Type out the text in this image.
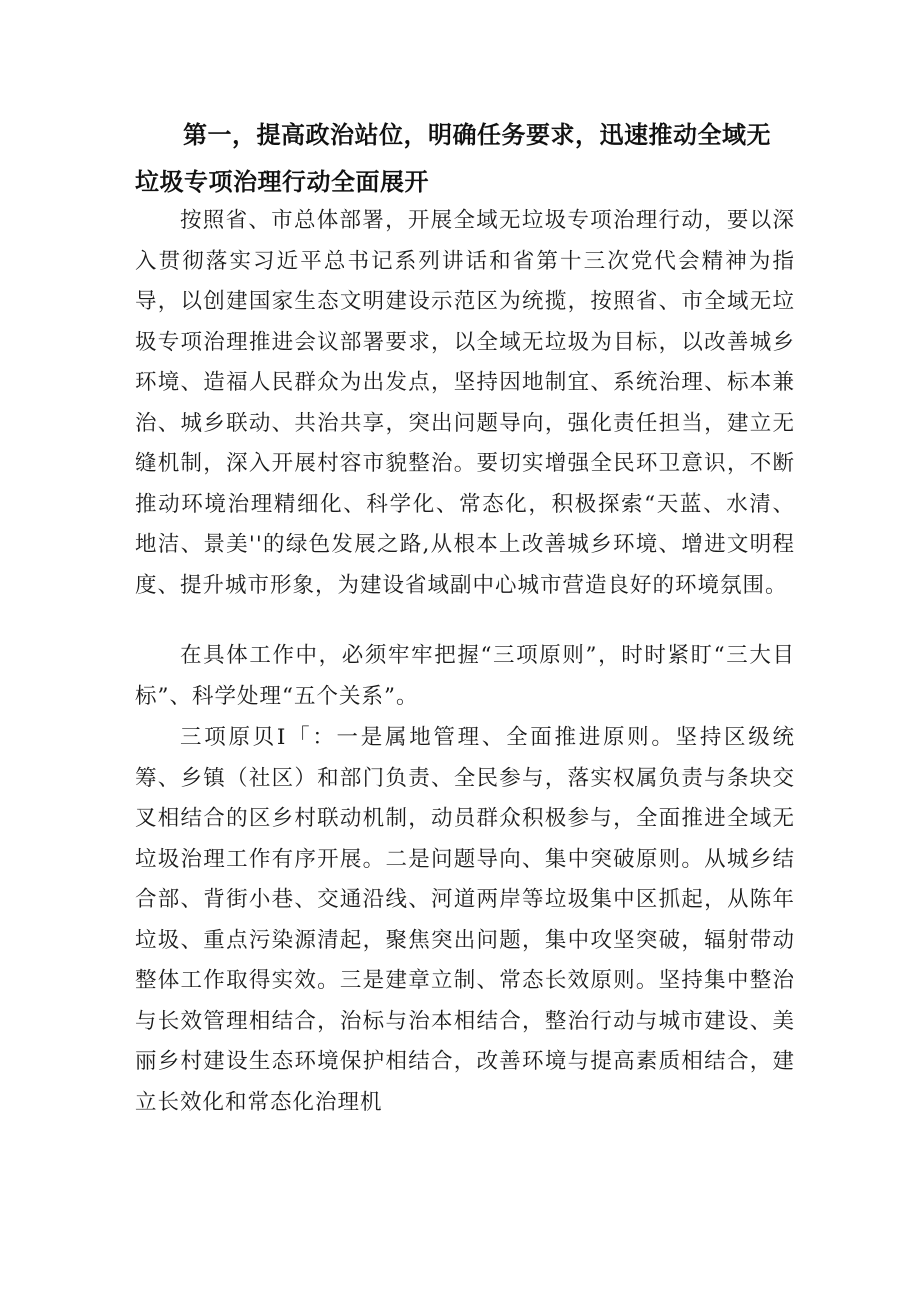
第一，提高政治站位，明确任务要求，迅速推动全域无垃圾专项治理行动全面展开

按照省、市总体部署，开展全域无垃圾专项治理行动，要以深入贯彻落实习近平总书记系列讲话和省第十三次党代会精神为指导，以创建国家生态文明建设示范区为统揽，按照省、市全域无垃圾专项治理推进会议部署要求，以全域无垃圾为目标，以改善城乡环境、造福人民群众为出发点，坚持因地制宜、系统治理、标本兼治、城乡联动、共治共享，突出问题导向，强化责任担当，建立无缝机制，深入开展村容市貌整治。要切实增强全民环卫意识，不断推动环境治理精细化、科学化、常态化，积极探索“天蓝、水清、地洁、景美''的绿色发展之路,从根本上改善城乡环境、增进文明程度、提升城市形象，为建设省域副中心城市营造良好的环境氛围。

在具体工作中，必须牢牢把握“三项原则”，时时紧盯“三大目标”、科学处理“五个关系”。

三项原贝I「：一是属地管理、全面推进原则。坚持区级统筹、乡镇（社区）和部门负责、全民参与，落实权属负责与条块交叉相结合的区乡村联动机制，动员群众积极参与，全面推进全域无垃圾治理工作有序开展。二是问题导向、集中突破原则。从城乡结合部、背街小巷、交通沿线、河道两岸等垃圾集中区抓起，从陈年垃圾、重点污染源清起，聚焦突出问题，集中攻坚突破，辐射带动整体工作取得实效。三是建章立制、常态长效原则。坚持集中整治与长效管理相结合，治标与治本相结合，整治行动与城市建设、美丽乡村建设生态环境保护相结合，改善环境与提高素质相结合，建立长效化和常态化治理机
